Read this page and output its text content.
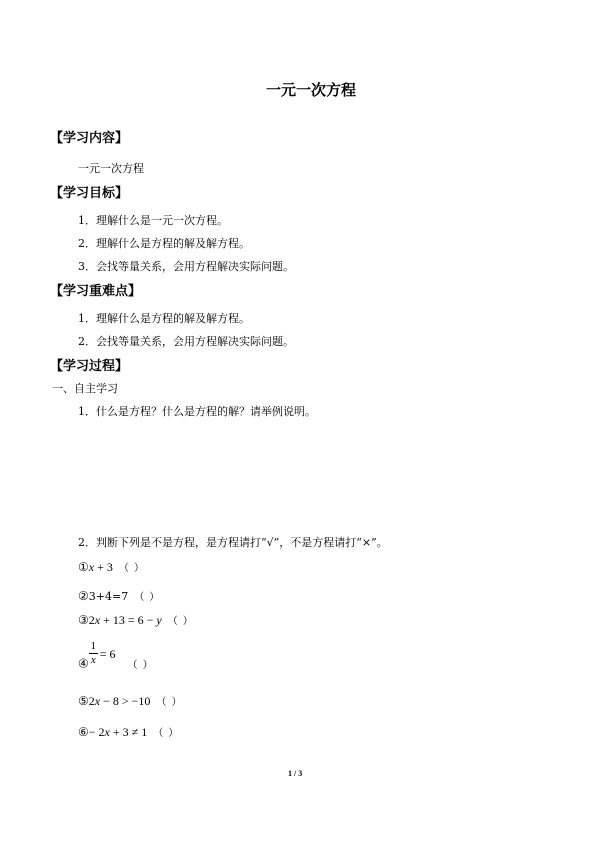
一元一次方程
【学习内容】
一元一次方程
【学习目标】
1．理解什么是一元一次方程。
2．理解什么是方程的解及解方程。
3．会找等量关系，会用方程解决实际问题。
【学习重难点】
1．理解什么是方程的解及解方程。
2．会找等量关系，会用方程解决实际问题。
【学习过程】
一、自主学习
1．什么是方程？什么是方程的解？请举例说明。
2．判断下列是不是方程，是方程请打“√”，不是方程请打“×”。
①x + 3 （ ）
②3+4=7 （ ）
③2x + 13 = 6 − y （ ）
$_④\frac{1}{x} = 6_{( )}$
⑤2x − 8 > −10 （ ）
⑥− 2x + 3 ≠ 1 （ ）
1 / 3
